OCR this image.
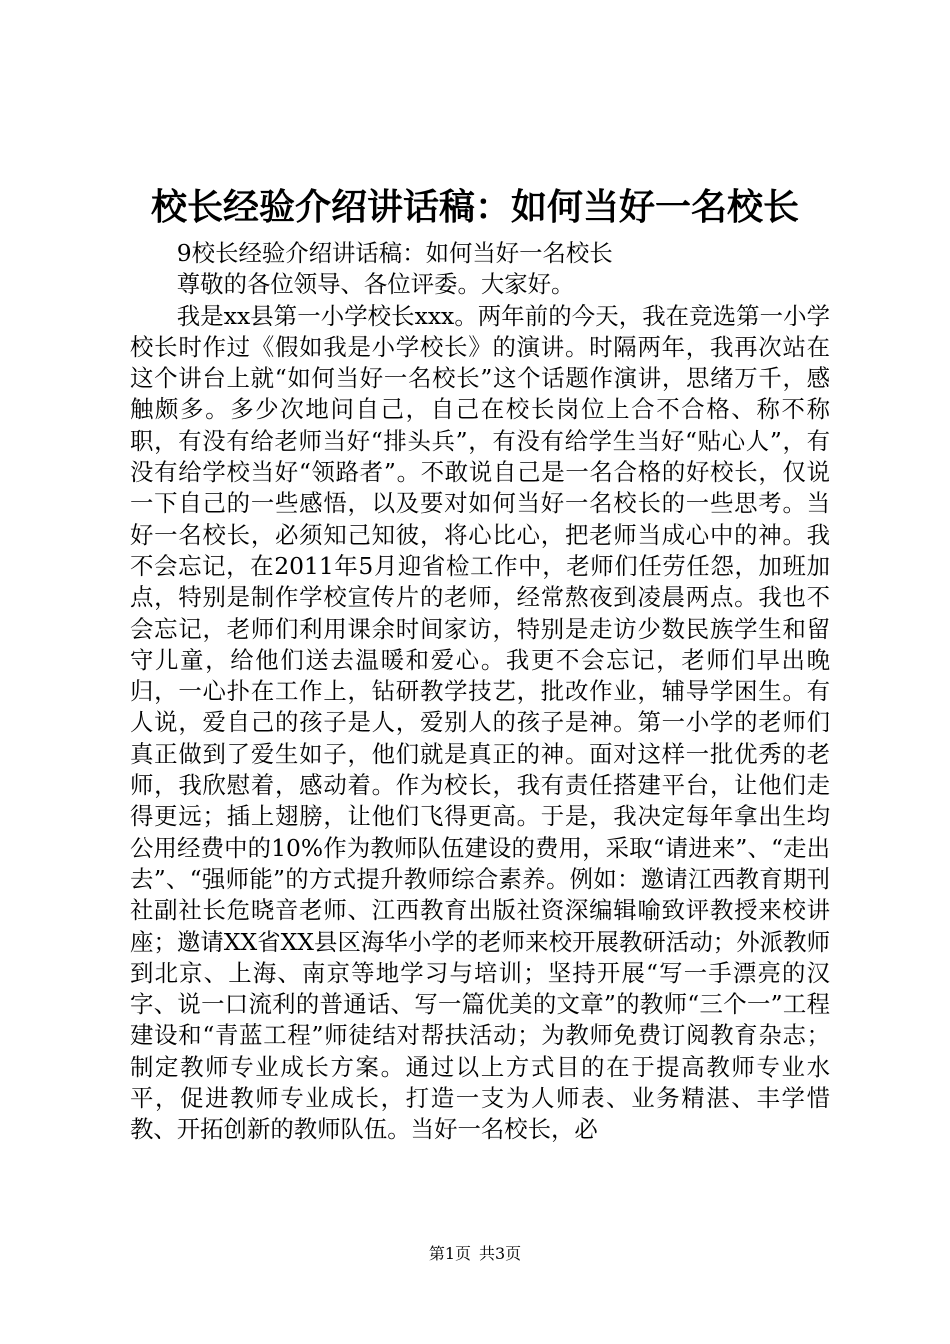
校长经验介绍讲话稿：如何当好一名校长

9校长经验介绍讲话稿：如何当好一名校长

尊敬的各位领导、各位评委。大家好。

我是xx县第一小学校长xxx。两年前的今天，我在竞选第一小学校长时作过《假如我是小学校长》的演讲。时隔两年，我再次站在这个讲台上就“如何当好一名校长”这个话题作演讲，思绪万千，感触颇多。多少次地问自己，自己在校长岗位上合不合格、称不称职，有没有给老师当好“排头兵”，有没有给学生当好“贴心人”，有没有给学校当好“领路者”。不敢说自己是一名合格的好校长，仅说一下自己的一些感悟，以及要对如何当好一名校长的一些思考。当好一名校长，必须知己知彼，将心比心，把老师当成心中的神。我不会忘记，在2011年5月迎省检工作中，老师们任劳任怨，加班加点，特别是制作学校宣传片的老师，经常熬夜到凌晨两点。我也不会忘记，老师们利用课余时间家访，特别是走访少数民族学生和留守儿童，给他们送去温暖和爱心。我更不会忘记，老师们早出晚归，一心扑在工作上，钻研教学技艺，批改作业，辅导学困生。有人说，爱自己的孩子是人，爱别人的孩子是神。第一小学的老师们真正做到了爱生如子，他们就是真正的神。面对这样一批优秀的老师，我欣慰着，感动着。作为校长，我有责任搭建平台，让他们走得更远；插上翅膀，让他们飞得更高。于是，我决定每年拿出生均公用经费中的10%作为教师队伍建设的费用，采取“请进来”、“走出去”、“强师能”的方式提升教师综合素养。例如：邀请江西教育期刊社副社长危晓音老师、江西教育出版社资深编辑喻致评教授来校讲座；邀请XX省XX县区海华小学的老师来校开展教研活动；外派教师到北京、上海、南京等地学习与培训；坚持开展“写一手漂亮的汉字、说一口流利的普通话、写一篇优美的文章”的教师“三个一”工程建设和“青蓝工程”师徒结对帮扶活动；为教师免费订阅教育杂志；制定教师专业成长方案。通过以上方式目的在于提高教师专业水平，促进教师专业成长，打造一支为人师表、业务精湛、丰学惜教、开拓创新的教师队伍。当好一名校长，必

第1页 共3页
